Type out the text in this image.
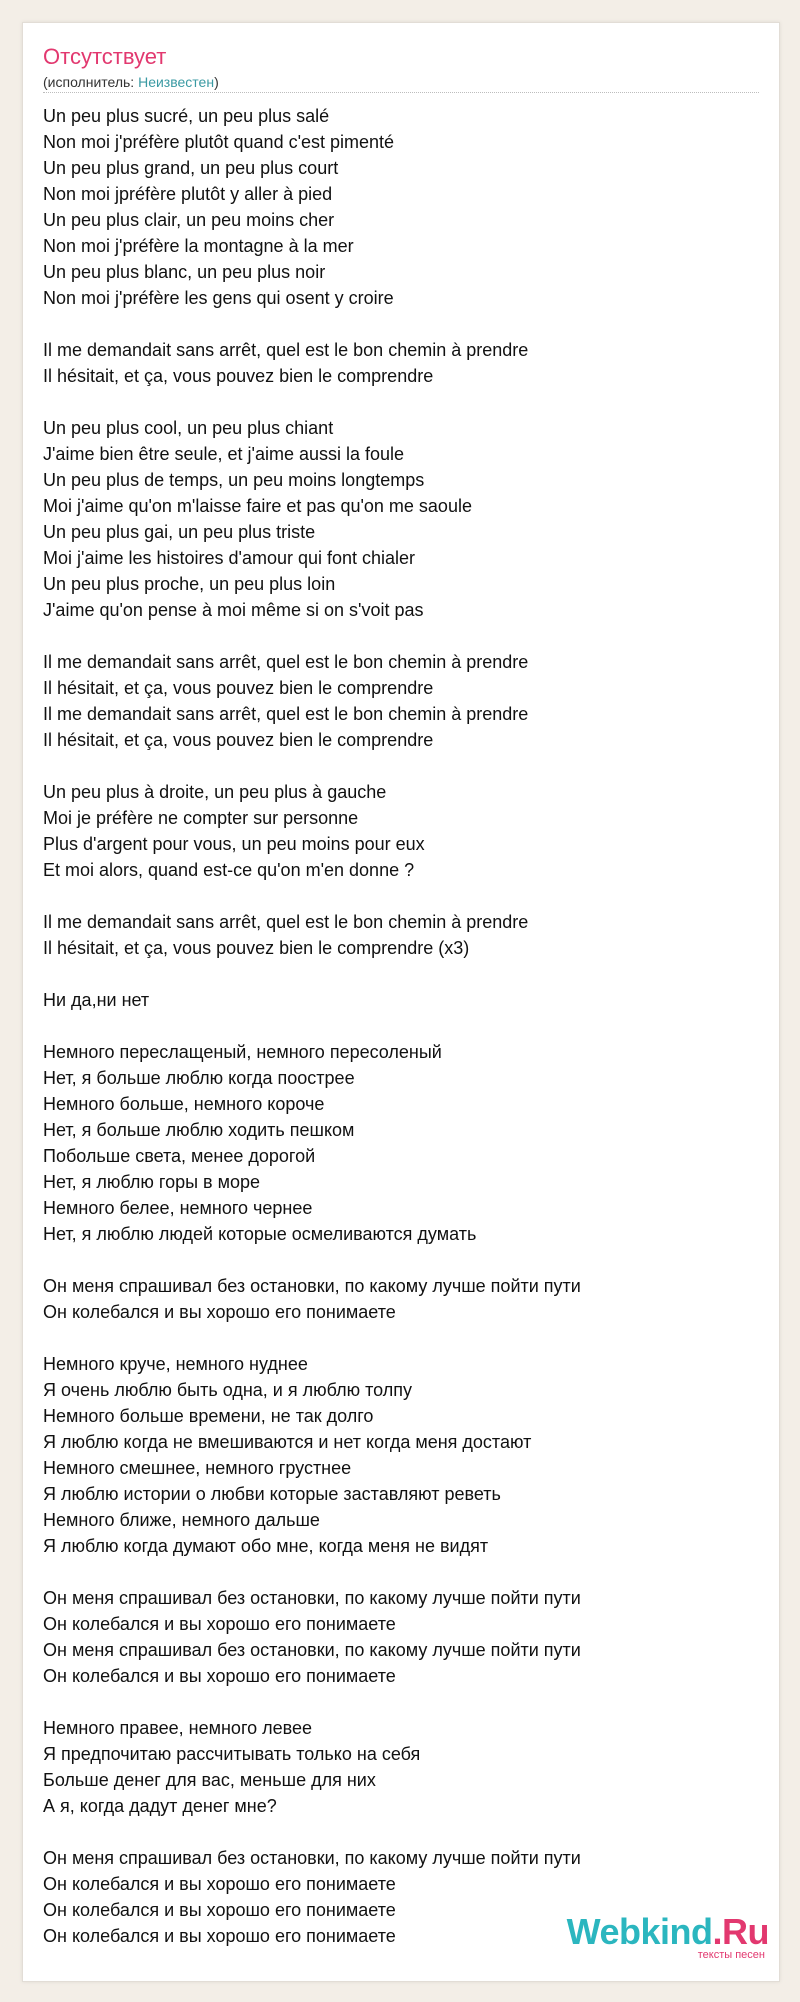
Отсутствует
(исполнитель: Неизвестен)
Un peu plus sucré, un peu plus salé
Non moi j'préfère plutôt quand c'est pimenté
Un peu plus grand, un peu plus court
Non moi jpréfère plutôt y aller à pied
Un peu plus clair, un peu moins cher
Non moi j'préfère la montagne à la mer
Un peu plus blanc, un peu plus noir
Non moi j'préfère les gens qui osent y croire
Il me demandait sans arrêt, quel est le bon chemin à prendre
Il hésitait, et ça, vous pouvez bien le comprendre
Un peu plus cool, un peu plus chiant
J'aime bien être seule, et j'aime aussi la foule
Un peu plus de temps, un peu moins longtemps
Moi j'aime qu'on m'laisse faire et pas qu'on me saoule
Un peu plus gai, un peu plus triste
Moi j'aime les histoires d'amour qui font chialer
Un peu plus proche, un peu plus loin
J'aime qu'on pense à moi même si on s'voit pas
Il me demandait sans arrêt, quel est le bon chemin à prendre
Il hésitait, et ça, vous pouvez bien le comprendre
Il me demandait sans arrêt, quel est le bon chemin à prendre
Il hésitait, et ça, vous pouvez bien le comprendre
Un peu plus à droite, un peu plus à gauche
Moi je préfère ne compter sur personne
Plus d'argent pour vous, un peu moins pour eux
Et moi alors, quand est-ce qu'on m'en donne ?
Il me demandait sans arrêt, quel est le bon chemin à prendre
Il hésitait, et ça, vous pouvez bien le comprendre (x3)
Ни да,ни нет
Немного переслащеный, немного пересоленый
Нет, я больше люблю когда поострее
Немного больше, немного короче
Нет, я больше люблю ходить пешком
Побольше света, менее дорогой
Нет, я люблю горы в море
Немного белее, немного чернее
Нет, я люблю людей которые осмеливаются думать
Он меня спрашивал без остановки, по какому лучше пойти пути
Он колебался и вы хорошо его понимаете
Немного круче, немного нуднее
Я очень люблю быть одна, и я люблю толпу
Немного больше времени, не так долго
Я люблю когда не вмешиваются и нет когда меня достают
Немного смешнее, немного грустнее
Я люблю истории о любви которые заставляют реветь
Немного ближе, немного дальше
Я люблю когда думают обо мне, когда меня не видят
Он меня спрашивал без остановки, по какому лучше пойти пути
Он колебался и вы хорошо его понимаете
Он меня спрашивал без остановки, по какому лучше пойти пути
Он колебался и вы хорошо его понимаете
Немного правее, немного левее
Я предпочитаю рассчитывать только на себя
Больше денег для вас, меньше для них
А я, когда дадут денег мне?
Он меня спрашивал без остановки, по какому лучше пойти пути
Он колебался и вы хорошо его понимаете
Он колебался и вы хорошо его понимаете
Он колебался и вы хорошо его понимаете	Webkind.Ru
тексты песен
